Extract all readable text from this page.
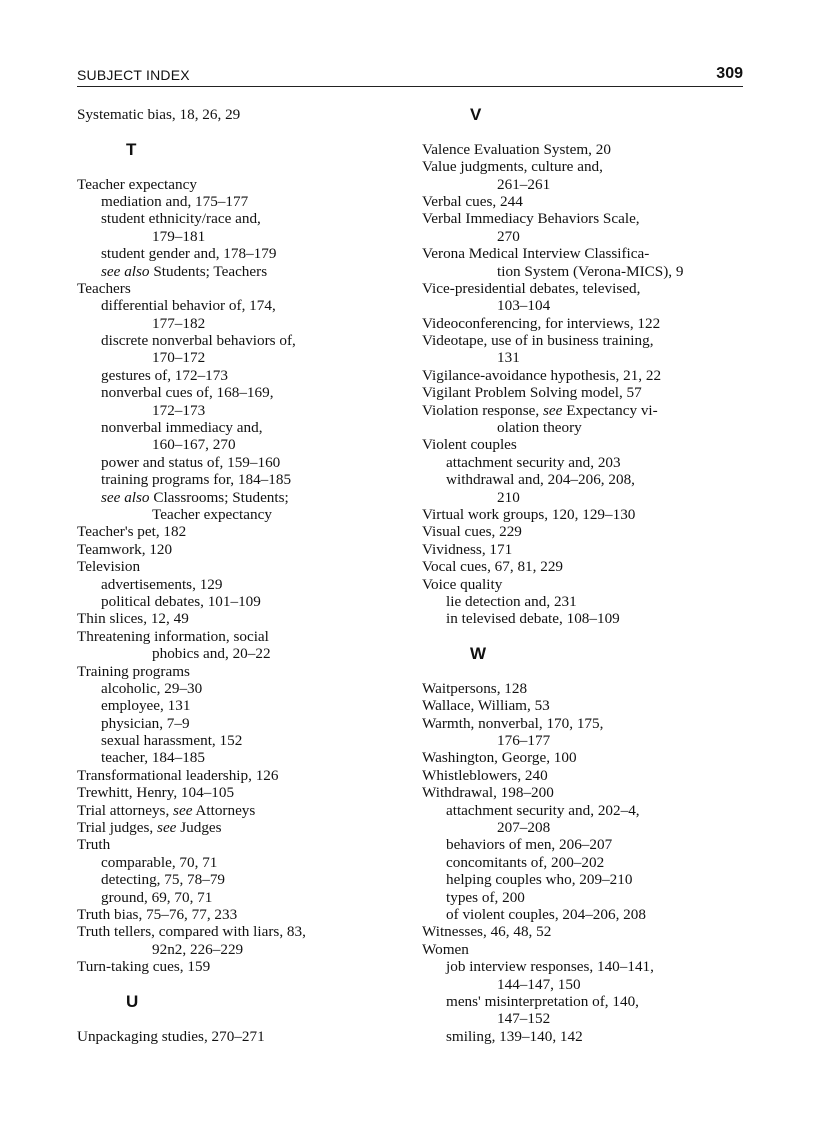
SUBJECT INDEX	309
Systematic bias, 18, 26, 29
T
Teacher expectancy
mediation and, 175–177
student ethnicity/race and,
179–181
student gender and, 178–179
see also Students; Teachers
Teachers
differential behavior of, 174,
177–182
discrete nonverbal behaviors of,
170–172
gestures of, 172–173
nonverbal cues of, 168–169,
172–173
nonverbal immediacy and,
160–167, 270
power and status of, 159–160
training programs for, 184–185
see also Classrooms; Students;
Teacher expectancy
Teacher's pet, 182
Teamwork, 120
Television
advertisements, 129
political debates, 101–109
Thin slices, 12, 49
Threatening information, social
phobics and, 20–22
Training programs
alcoholic, 29–30
employee, 131
physician, 7–9
sexual harassment, 152
teacher, 184–185
Transformational leadership, 126
Trewhitt, Henry, 104–105
Trial attorneys, see Attorneys
Trial judges, see Judges
Truth
comparable, 70, 71
detecting, 75, 78–79
ground, 69, 70, 71
Truth bias, 75–76, 77, 233
Truth tellers, compared with liars, 83,
92n2, 226–229
Turn-taking cues, 159
U
Unpackaging studies, 270–271
V
Valence Evaluation System, 20
Value judgments, culture and,
261–261
Verbal cues, 244
Verbal Immediacy Behaviors Scale,
270
Verona Medical Interview Classifica-
tion System (Verona-MICS), 9
Vice-presidential debates, televised,
103–104
Videoconferencing, for interviews, 122
Videotape, use of in business training,
131
Vigilance-avoidance hypothesis, 21, 22
Vigilant Problem Solving model, 57
Violation response, see Expectancy vi-
olation theory
Violent couples
attachment security and, 203
withdrawal and, 204–206, 208,
210
Virtual work groups, 120, 129–130
Visual cues, 229
Vividness, 171
Vocal cues, 67, 81, 229
Voice quality
lie detection and, 231
in televised debate, 108–109
W
Waitpersons, 128
Wallace, William, 53
Warmth, nonverbal, 170, 175,
176–177
Washington, George, 100
Whistleblowers, 240
Withdrawal, 198–200
attachment security and, 202–4,
207–208
behaviors of men, 206–207
concomitants of, 200–202
helping couples who, 209–210
types of, 200
of violent couples, 204–206, 208
Witnesses, 46, 48, 52
Women
job interview responses, 140–141,
144–147, 150
mens' misinterpretation of, 140,
147–152
smiling, 139–140, 142
